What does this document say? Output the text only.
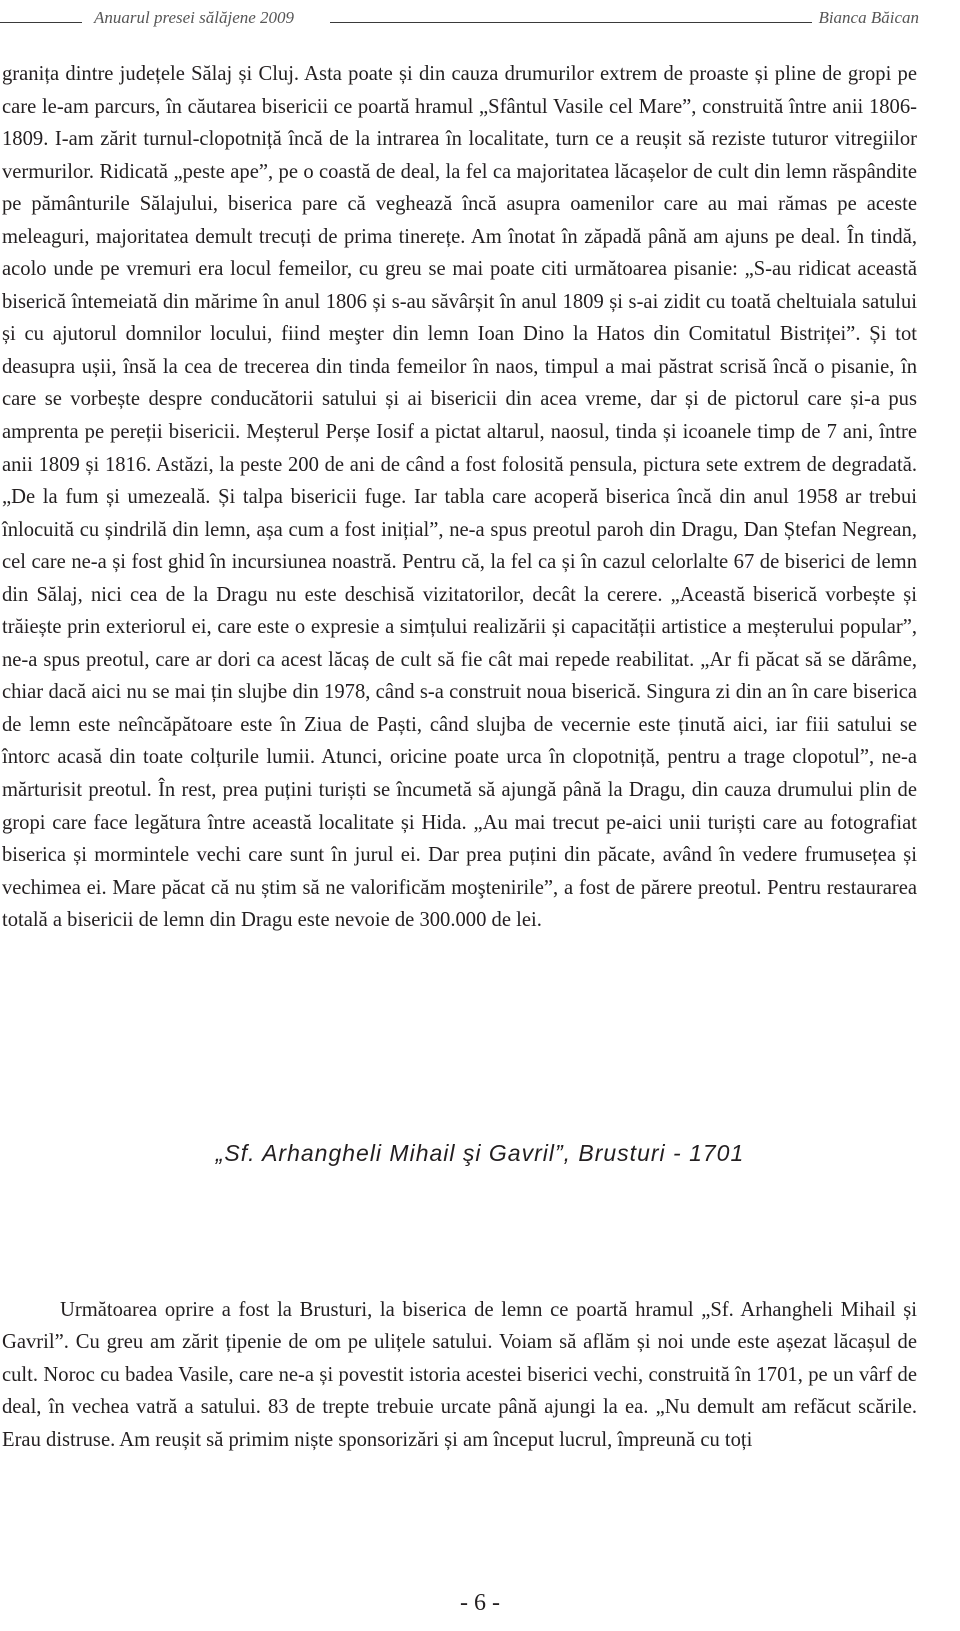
Anuarul presei sălăjene 2009	Bianca Băican

granița dintre județele Sălaj și Cluj. Asta poate și din cauza drumurilor extrem de proaste și pline de gropi pe care le-am parcurs, în căutarea bisericii ce poartă hramul „Sfântul Vasile cel Mare”, construită între anii 1806-1809. I-am zărit turnul-clopotniță încă de la intrarea în localitate, turn ce a reușit să reziste tuturor vitregiilor vermurilor. Ridicată „peste ape”, pe o coastă de deal, la fel ca majoritatea lăcașelor de cult din lemn răspândite pe pământurile Sălajului, biserica pare că veghează încă asupra oamenilor care au mai rămas pe aceste meleaguri, majoritatea demult trecuți de prima tinerețe. Am înotat în zăpadă până am ajuns pe deal. În tindă, acolo unde pe vremuri era locul femeilor, cu greu se mai poate citi următoarea pisanie: „S-au ridicat această biserică întemeiată din mărime în anul 1806 și s-au săvârșit în anul 1809 și s-ai zidit cu toată cheltuiala satului și cu ajutorul domnilor locului, fiind meşter din lemn Ioan Dino la Hatos din Comitatul Bistriței”. Și tot deasupra ușii, însă la cea de trecerea din tinda femeilor în naos, timpul a mai păstrat scrisă încă o pisanie, în care se vorbește despre conducătorii satului și ai bisericii din acea vreme, dar și de pictorul care și-a pus amprenta pe pereții bisericii. Meșterul Perșe Iosif a pictat altarul, naosul, tinda și icoanele timp de 7 ani, între anii 1809 și 1816. Astăzi, la peste 200 de ani de când a fost folosită pensula, pictura sete extrem de degradată. „De la fum și umezeală. Și talpa bisericii fuge. Iar tabla care acoperă biserica încă din anul 1958 ar trebui înlocuită cu șindrilă din lemn, așa cum a fost inițial”, ne-a spus preotul paroh din Dragu, Dan Ștefan Negrean, cel care ne-a și fost ghid în incursiunea noastră. Pentru că, la fel ca și în cazul celorlalte 67 de biserici de lemn din Sălaj, nici cea de la Dragu nu este deschisă vizitatorilor, decât la cerere. „Această biserică vorbește și trăiește prin exteriorul ei, care este o expresie a simțului realizării și capacității artistice a meșterului popular”, ne-a spus preotul, care ar dori ca acest lăcaș de cult să fie cât mai repede reabilitat. „Ar fi păcat să se dărâme, chiar dacă aici nu se mai țin slujbe din 1978, când s-a construit noua biserică. Singura zi din an în care biserica de lemn este neîncăpătoare este în Ziua de Paști, când slujba de vecernie este ținută aici, iar fiii satului se întorc acasă din toate colțurile lumii. Atunci, oricine poate urca în clopotniță, pentru a trage clopotul”, ne-a mărturisit preotul. În rest, prea puțini turiști se încumetă să ajungă până la Dragu, din cauza drumului plin de gropi care face legătura între această localitate și Hida. „Au mai trecut pe-aici unii turiști care au fotografiat biserica și mormintele vechi care sunt în jurul ei. Dar prea puțini din păcate, având în vedere frumusețea și vechimea ei. Mare păcat că nu știm să ne valorificăm moştenirile”, a fost de părere preotul. Pentru restaurarea totală a bisericii de lemn din Dragu este nevoie de 300.000 de lei.

„Sf. Arhangheli Mihail şi Gavril”, Brusturi - 1701

Următoarea oprire a fost la Brusturi, la biserica de lemn ce poartă hramul „Sf. Arhangheli Mihail și Gavril”. Cu greu am zărit țipenie de om pe ulițele satului. Voiam să aflăm și noi unde este așezat lăcașul de cult. Noroc cu badea Vasile, care ne-a și povestit istoria acestei biserici vechi, construită în 1701, pe un vârf de deal, în vechea vatră a satului. 83 de trepte trebuie urcate până ajungi la ea. „Nu demult am refăcut scările. Erau distruse. Am reușit să primim niște sponsorizări și am început lucrul, împreună cu toți

- 6 -
